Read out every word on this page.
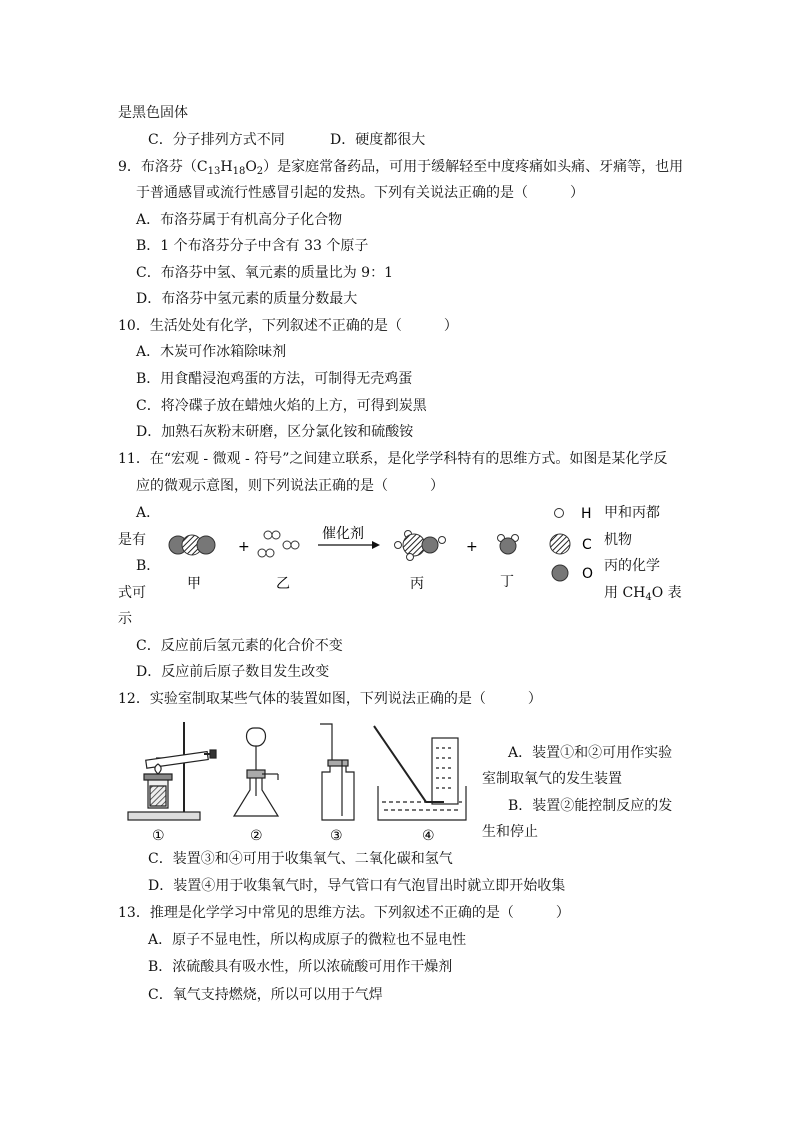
是黑色固体
C．分子排列方式不同	D．硬度都很大
9．布洛芬$(C_{13}H_{18}O_2)$是家庭常备药品，可用于缓解轻至中度疼痛如头痛、牙痛等，也用
于普通感冒或流行性感冒引起的发热。下列有关说法正确的是（　　　）
A．布洛芬属于有机高分子化合物
B．1 个布洛芬分子中含有 33 个原子
C．布洛芬中氢、氧元素的质量比为 9：1
D．布洛芬中氢元素的质量分数最大
10．生活处处有化学，下列叙述不正确的是（　　　）
A．木炭可作冰箱除味剂
B．用食醋浸泡鸡蛋的方法，可制得无壳鸡蛋
C．将冷碟子放在蜡烛火焰的上方，可得到炭黑
D．加熟石灰粉末研磨，区分氯化铵和硫酸铵
11．在“宏观 - 微观 - 符号”之间建立联系，是化学学科特有的思维方式。如图是某化学反
应的微观示意图，则下列说法正确的是（　　　）
A．
是有
B．
式可
示
甲和丙都
机物
丙的化学
用 $CH_4O$ 表
C．反应前后氢元素的化合价不变
D．反应前后原子数目发生改变
12．实验室制取某些气体的装置如图，下列说法正确的是（　　　）
A．装置①和②可用作实验
室制取氧气的发生装置
B．装置②能控制反应的发
生和停止
C．装置③和④可用于收集氧气、二氧化碳和氢气
D．装置④用于收集氧气时，导气管口有气泡冒出时就立即开始收集
13．推理是化学学习中常见的思维方法。下列叙述不正确的是（　　　）
A．原子不显电性，所以构成原子的微粒也不显电性
B．浓硫酸具有吸水性，所以浓硫酸可用作干燥剂
C．氧气支持燃烧，所以可以用于气焊
+
催化剂
+
甲	乙	丙	丁
H
C
O
①	②	③	④
